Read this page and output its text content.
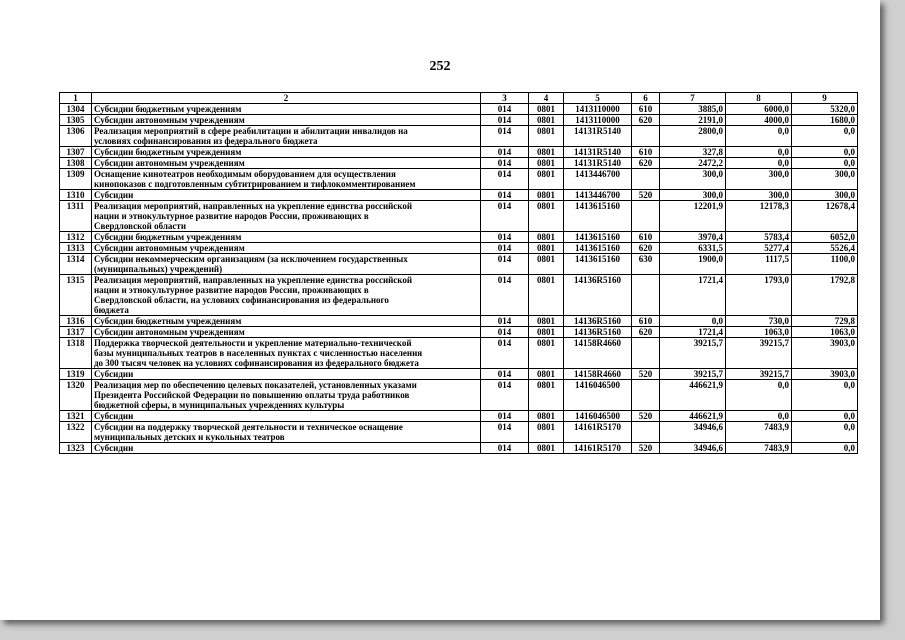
252
1	2	3	4	5	6	7	8	9
1304	Субсидии бюджетным учреждениям	014	0801	1413110000	610	3885,0	6000,0	5320,0
1305	Субсидии автономным учреждениям	014	0801	1413110000	620	2191,0	4000,0	1680,0
1306	Реализация мероприятий в сфере реабилитации и абилитации инвалидов на
условиях софинансирования из федерального бюджета	014	0801	14131R5140		2800,0	0,0	0,0
1307	Субсидии бюджетным учреждениям	014	0801	14131R5140	610	327,8	0,0	0,0
1308	Субсидии автономным учреждениям	014	0801	14131R5140	620	2472,2	0,0	0,0
1309	Оснащение кинотеатров необходимым оборудованием для осуществления
кинопоказов с подготовленным субтитрированием и тифлокомментированием	014	0801	1413446700		300,0	300,0	300,0
1310	Субсидии	014	0801	1413446700	520	300,0	300,0	300,0
1311	Реализация мероприятий, направленных на укрепление единства российской
нации и этнокультурное развитие народов России, проживающих в
Свердловской области	014	0801	1413615160		12201,9	12178,3	12678,4
1312	Субсидии бюджетным учреждениям	014	0801	1413615160	610	3970,4	5783,4	6052,0
1313	Субсидии автономным учреждениям	014	0801	1413615160	620	6331,5	5277,4	5526,4
1314	Субсидии некоммерческим организациям (за исключением государственных
(муниципальных) учреждений)	014	0801	1413615160	630	1900,0	1117,5	1100,0
1315	Реализация мероприятий, направленных на укрепление единства российской
нации и этнокультурное развитие народов России, проживающих в
Свердловской области, на условиях софинансирования из федерального
бюджета	014	0801	14136R5160		1721,4	1793,0	1792,8
1316	Субсидии бюджетным учреждениям	014	0801	14136R5160	610	0,0	730,0	729,8
1317	Субсидии автономным учреждениям	014	0801	14136R5160	620	1721,4	1063,0	1063,0
1318	Поддержка творческой деятельности и укрепление материально-технической
базы муниципальных театров в населенных пунктах с численностью населения
до 300 тысяч человек на условиях софинансирования из федерального бюджета	014	0801	14158R4660		39215,7	39215,7	3903,0
1319	Субсидии	014	0801	14158R4660	520	39215,7	39215,7	3903,0
1320	Реализация мер по обеспечению целевых показателей, установленных указами
Президента Российской Федерации по повышению оплаты труда работников
бюджетной сферы, в муниципальных учреждениях культуры	014	0801	1416046500		446621,9	0,0	0,0
1321	Субсидии	014	0801	1416046500	520	446621,9	0,0	0,0
1322	Субсидии на поддержку творческой деятельности и техническое оснащение
муниципальных детских и кукольных театров	014	0801	14161R5170		34946,6	7483,9	0,0
1323	Субсидии	014	0801	14161R5170	520	34946,6	7483,9	0,0
